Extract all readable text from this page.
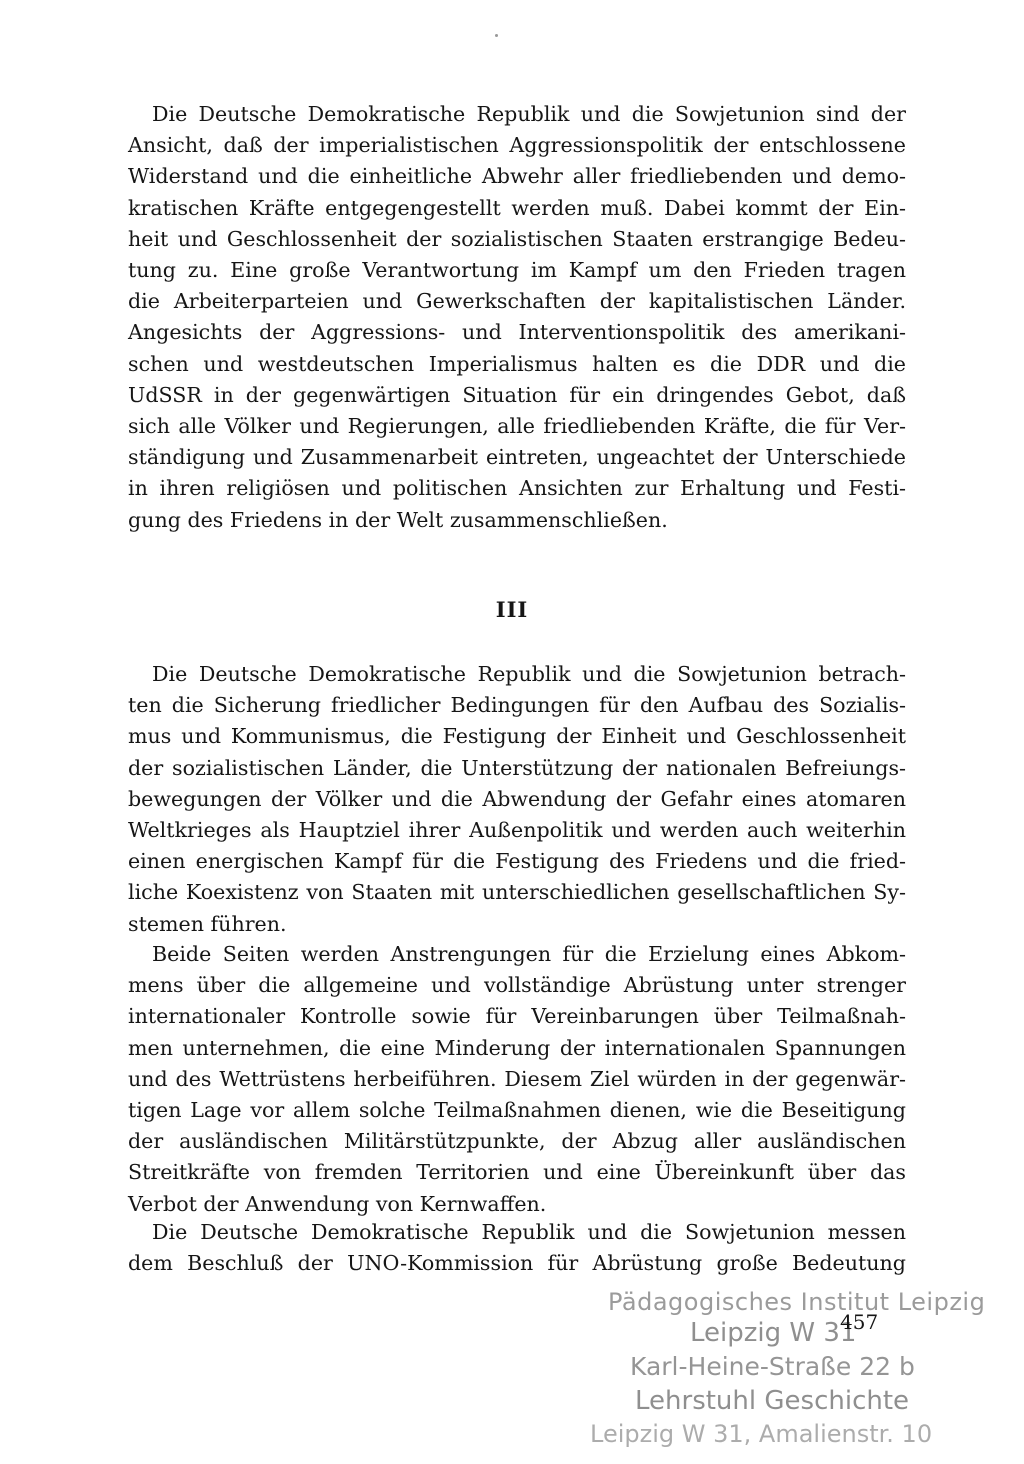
Die Deutsche Demokratische Republik und die Sowjetunion sind der
Ansicht, daß der imperialistischen Aggressionspolitik der entschlossene
Widerstand und die einheitliche Abwehr aller friedliebenden und demo-
kratischen Kräfte entgegengestellt werden muß. Dabei kommt der Ein-
heit und Geschlossenheit der sozialistischen Staaten erstrangige Bedeu-
tung zu. Eine große Verantwortung im Kampf um den Frieden tragen
die Arbeiterparteien und Gewerkschaften der kapitalistischen Länder.
Angesichts der Aggressions- und Interventionspolitik des amerikani-
schen und westdeutschen Imperialismus halten es die DDR und die
UdSSR in der gegenwärtigen Situation für ein dringendes Gebot, daß
sich alle Völker und Regierungen, alle friedliebenden Kräfte, die für Ver-
ständigung und Zusammenarbeit eintreten, ungeachtet der Unterschiede
in ihren religiösen und politischen Ansichten zur Erhaltung und Festi-
gung des Friedens in der Welt zusammenschließen.
III
Die Deutsche Demokratische Republik und die Sowjetunion betrach-
ten die Sicherung friedlicher Bedingungen für den Aufbau des Sozialis-
mus und Kommunismus, die Festigung der Einheit und Geschlossenheit
der sozialistischen Länder, die Unterstützung der nationalen Befreiungs-
bewegungen der Völker und die Abwendung der Gefahr eines atomaren
Weltkrieges als Hauptziel ihrer Außenpolitik und werden auch weiterhin
einen energischen Kampf für die Festigung des Friedens und die fried-
liche Koexistenz von Staaten mit unterschiedlichen gesellschaftlichen Sy-
stemen führen.
Beide Seiten werden Anstrengungen für die Erzielung eines Abkom-
mens über die allgemeine und vollständige Abrüstung unter strenger
internationaler Kontrolle sowie für Vereinbarungen über Teilmaßnah-
men unternehmen, die eine Minderung der internationalen Spannungen
und des Wettrüstens herbeiführen. Diesem Ziel würden in der gegenwär-
tigen Lage vor allem solche Teilmaßnahmen dienen, wie die Beseitigung
der ausländischen Militärstützpunkte, der Abzug aller ausländischen
Streitkräfte von fremden Territorien und eine Übereinkunft über das
Verbot der Anwendung von Kernwaffen.
Die Deutsche Demokratische Republik und die Sowjetunion messen
dem Beschluß der UNO-Kommission für Abrüstung große Bedeutung
Pädagogisches Institut Leipzig
Leipzig W 31
Karl-Heine-Straße 22 b
Lehrstuhl Geschichte
Leipzig W 31, Amalienstr. 10
457
